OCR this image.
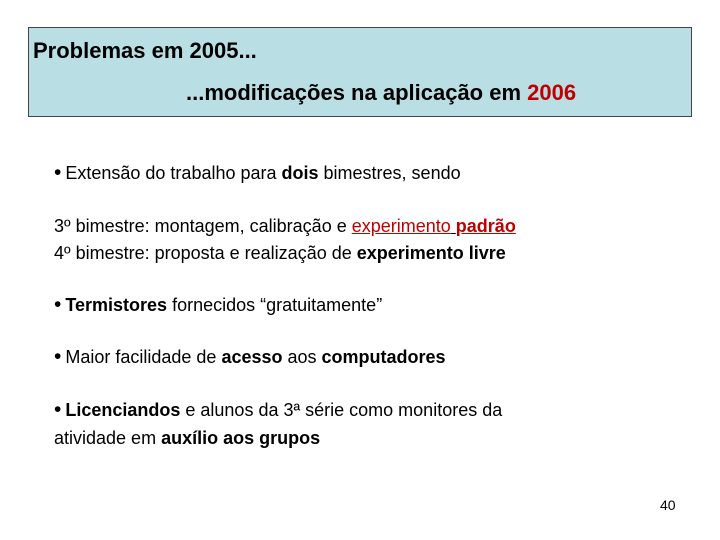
Problemas em 2005...
...modificações na aplicação em 2006
• Extensão do trabalho para dois bimestres, sendo
3º bimestre: montagem, calibração e experimento padrão
4º bimestre: proposta e realização de experimento livre
• Termistores fornecidos “gratuitamente”
• Maior facilidade de acesso aos computadores
• Licenciandos e alunos da 3ª série como monitores da
atividade em auxílio aos grupos
40
